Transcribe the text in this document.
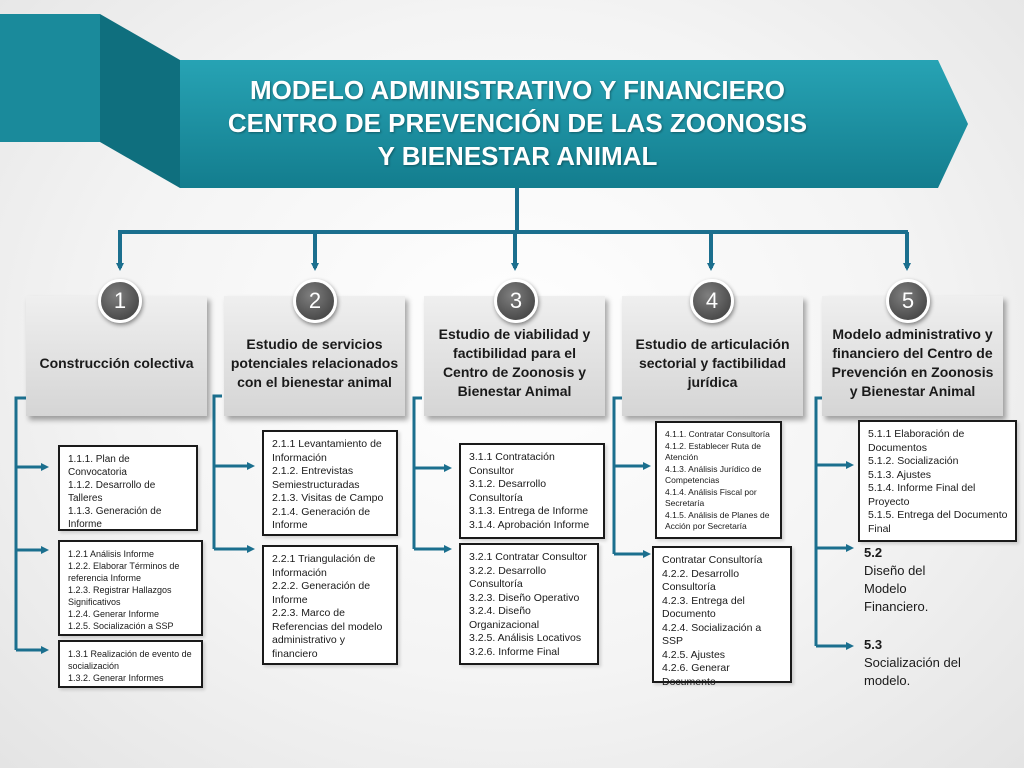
MODELO ADMINISTRATIVO Y FINANCIERO
CENTRO DE PREVENCIÓN DE LAS ZOONOSIS
Y BIENESTAR ANIMAL
Construcción colectiva
Estudio de servicios potenciales relacionados con el bienestar animal
Estudio de viabilidad y factibilidad para el Centro de Zoonosis y Bienestar Animal
Estudio de articulación sectorial y factibilidad jurídica
Modelo administrativo y financiero del Centro de Prevención en Zoonosis y Bienestar Animal
1	2	3	4	5
1.1.1. Plan de Convocatoria
1.1.2. Desarrollo de Talleres
1.1.3. Generación de Informe
1.2.1 Análisis Informe
1.2.2. Elaborar Términos de referencia Informe
1.2.3. Registrar Hallazgos Significativos
1.2.4. Generar Informe
1.2.5. Socialización a SSP
1.3.1 Realización de evento de socialización
1.3.2. Generar Informes
2.1.1 Levantamiento de Información
2.1.2. Entrevistas Semiestructuradas
2.1.3. Visitas de Campo
2.1.4. Generación de Informe
2.2.1 Triangulación de Información
2.2.2. Generación de Informe
2.2.3. Marco de Referencias del modelo administrativo y financiero
3.1.1 Contratación Consultor
3.1.2. Desarrollo Consultoría
3.1.3. Entrega de Informe
3.1.4. Aprobación Informe
3.2.1 Contratar Consultor
3.2.2. Desarrollo Consultoría
3.2.3. Diseño Operativo
3.2.4. Diseño Organizacional
3.2.5. Análisis Locativos
3.2.6. Informe Final
4.1.1. Contratar Consultoría
4.1.2. Establecer Ruta de Atención
4.1.3. Análisis Jurídico de Competencias
4.1.4. Análisis Fiscal por Secretaría
4.1.5. Análisis de Planes de Acción por Secretaría
Contratar Consultoría
4.2.2. Desarrollo Consultoría
4.2.3. Entrega del Documento
4.2.4. Socialización a SSP
4.2.5. Ajustes
4.2.6. Generar Documento
5.1.1 Elaboración de Documentos
5.1.2. Socialización
5.1.3. Ajustes
5.1.4. Informe Final del Proyecto
5.1.5. Entrega del Documento Final
5.2
Diseño del
Modelo
Financiero.
5.3
Socialización del
modelo.
